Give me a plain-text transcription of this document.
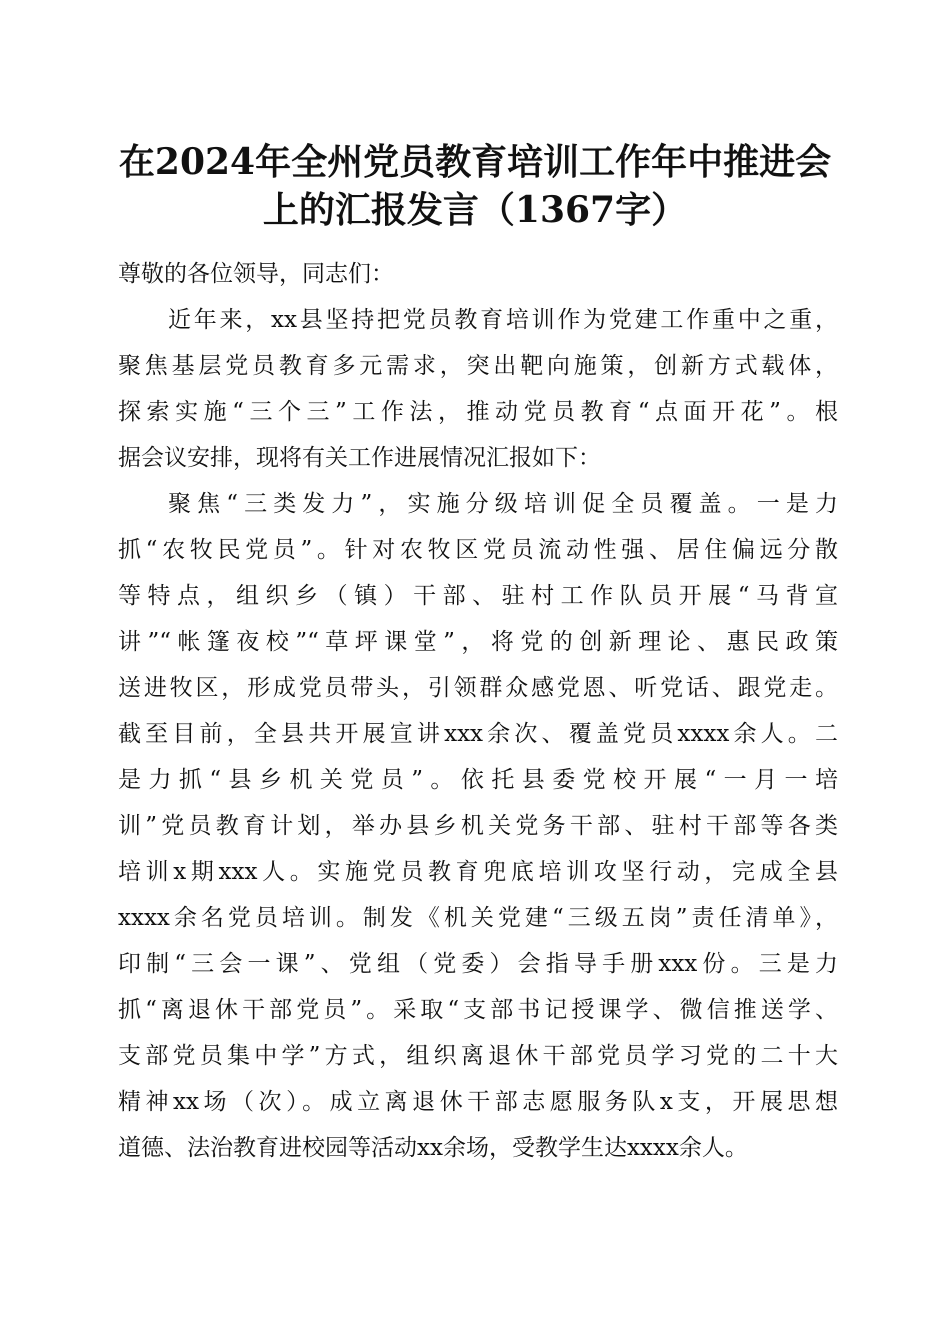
在2024年全州党员教育培训工作年中推进会
上的汇报发言（1367字）
尊敬的各位领导，同志们：
近年来，xx县坚持把党员教育培训作为党建工作重中之重，
聚焦基层党员教育多元需求，突出靶向施策，创新方式载体，
探索实施“三个三”工作法，推动党员教育“点面开花”。根
据会议安排，现将有关工作进展情况汇报如下：
聚焦“三类发力”，实施分级培训促全员覆盖。一是力
抓“农牧民党员”。针对农牧区党员流动性强、居住偏远分散
等特点，组织乡（镇）干部、驻村工作队员开展“马背宣
讲”“帐篷夜校”“草坪课堂”，将党的创新理论、惠民政策
送进牧区，形成党员带头，引领群众感党恩、听党话、跟党走。
截至目前，全县共开展宣讲xxx余次、覆盖党员xxxx余人。二
是力抓“县乡机关党员”。依托县委党校开展“一月一培
训”党员教育计划，举办县乡机关党务干部、驻村干部等各类
培训x期xxx人。实施党员教育兜底培训攻坚行动，完成全县
xxxx余名党员培训。制发《机关党建“三级五岗”责任清单》，
印制“三会一课”、党组（党委）会指导手册xxx份。三是力
抓“离退休干部党员”。采取“支部书记授课学、微信推送学、
支部党员集中学”方式，组织离退休干部党员学习党的二十大
精神xx场（次）。成立离退休干部志愿服务队x支，开展思想
道德、法治教育进校园等活动xx余场，受教学生达xxxx余人。
